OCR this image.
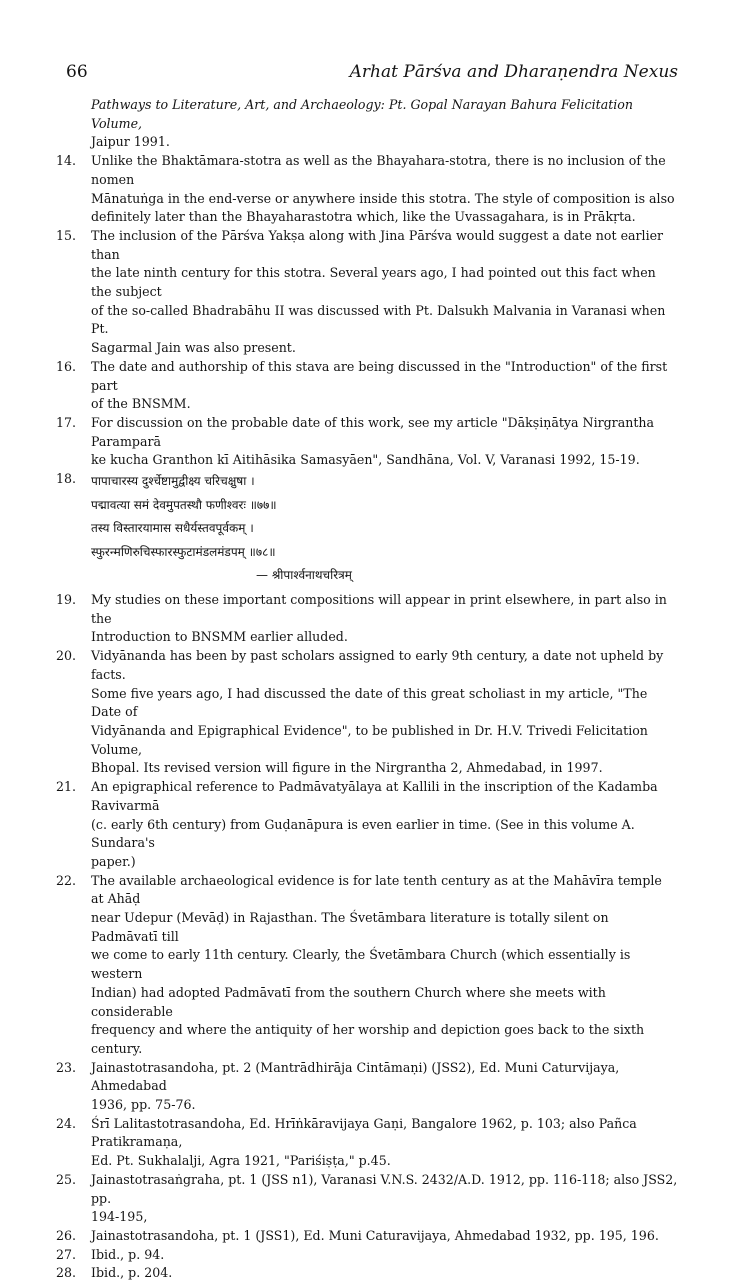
66	Arhat Pārśva and Dharaṇendra Nexus
Pathways to Literature, Art, and Archaeology: Pt. Gopal Narayan Bahura Felicitation Volume,
Jaipur 1991.
14. Unlike the Bhaktāmara-stotra as well as the Bhayahara-stotra, there is no inclusion of the nomen
Mānatuṅga in the end-verse or anywhere inside this stotra. The style of composition is also
definitely later than the Bhayaharastotra which, like the Uvassagahara, is in Prākṛta.
15. The inclusion of the Pārśva Yakṣa along with Jina Pārśva would suggest a date not earlier than
the late ninth century for this stotra. Several years ago, I had pointed out this fact when the subject
of the so-called Bhadrabāhu II was discussed with Pt. Dalsukh Malvania in Varanasi when Pt.
Sagarmal Jain was also present.
16. The date and authorship of this stava are being discussed in the "Introduction" of the first part
of the BNSMM.
17. For discussion on the probable date of this work, see my article "Dākṣiṇātya Nirgrantha Paramparā
ke kucha Granthon kī Aitihāsika Samasyāen", Sandhāna, Vol. V, Varanasi 1992, 15-19.
18. पापाचारस्य दुर्श्चेष्टामुद्वीक्ष्य चरिचक्षुषा ।
पद्मावत्या समं देवमुपतस्थौ फणीश्वरः ॥७७॥
तस्य विस्तारयामास सधैर्यस्तवपूर्वकम् ।
स्फुरन्मणिरुचिस्फारस्फुटामंडलमंडपम् ॥७८॥
— श्रीपार्श्वनाथचरित्रम्
19. My studies on these important compositions will appear in print elsewhere, in part also in the
Introduction to BNSMM earlier alluded.
20. Vidyānanda has been by past scholars assigned to early 9th century, a date not upheld by facts.
Some five years ago, I had discussed the date of this great scholiast in my article, "The Date of
Vidyānanda and Epigraphical Evidence", to be published in Dr. H.V. Trivedi Felicitation Volume,
Bhopal. Its revised version will figure in the Nirgrantha 2, Ahmedabad, in 1997.
21. An epigraphical reference to Padmāvatyālaya at Kallili in the inscription of the Kadamba Ravivarmā
(c. early 6th century) from Guḍanāpura is even earlier in time. (See in this volume A. Sundara's
paper.)
22. The available archaeological evidence is for late tenth century as at the Mahāvīra temple at Ahāḍ
near Udepur (Mevāḍ) in Rajasthan. The Śvetāmbara literature is totally silent on Padmāvatī till
we come to early 11th century. Clearly, the Śvetāmbara Church (which essentially is western
Indian) had adopted Padmāvatī from the southern Church where she meets with considerable
frequency and where the antiquity of her worship and depiction goes back to the sixth century.
23. Jainastotrasandoha, pt. 2 (Mantrādhirāja Cintāmaṇi) (JSS2), Ed. Muni Caturvijaya, Ahmedabad
1936, pp. 75-76.
24. Śrī Lalitastotrasandoha, Ed. Hrīṅkāravijaya Gaṇi, Bangalore 1962, p. 103; also Pañca Pratikramaṇa,
Ed. Pt. Sukhalalji, Agra 1921, "Pariśiṣṭa," p.45.
25. Jainastotrasaṅgraha, pt. 1 (JSS n1), Varanasi V.N.S. 2432/A.D. 1912, pp. 116-118; also JSS2, pp.
194-195,
26. Jainastotrasandoha, pt. 1 (JSS1), Ed. Muni Caturavijaya, Ahmedabad 1932, pp. 195, 196.
27. Ibid., p. 94.
28. Ibid., p. 204.
